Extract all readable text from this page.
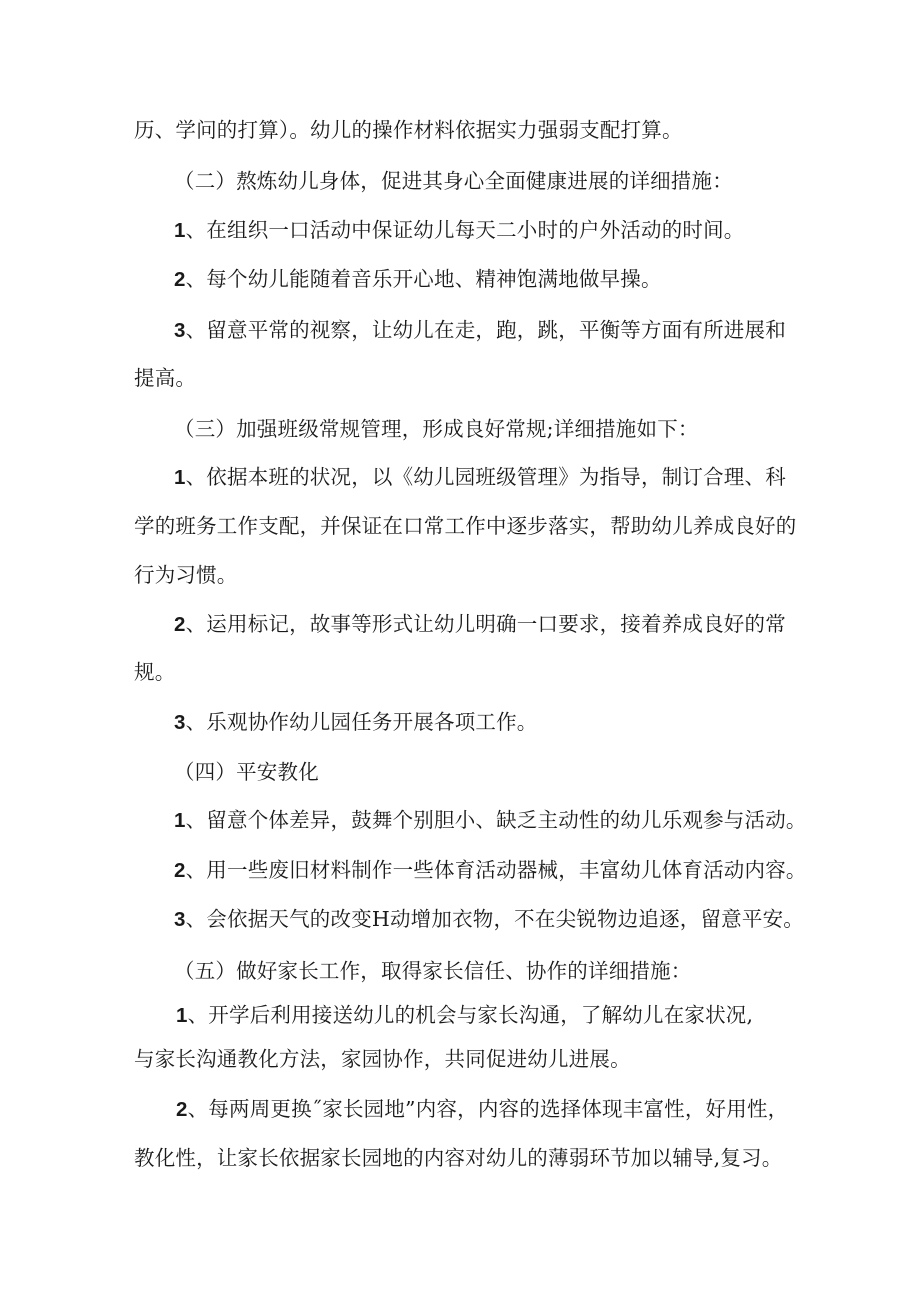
历、学问的打算）。幼儿的操作材料依据实力强弱支配打算。
（二）熬炼幼儿身体，促进其身心全面健康进展的详细措施：
1、在组织一口活动中保证幼儿每天二小时的户外活动的时间。
2、每个幼儿能随着音乐开心地、精神饱满地做早操。
3、留意平常的视察，让幼儿在走，跑，跳，平衡等方面有所进展和
提高。
（三）加强班级常规管理，形成良好常规;详细措施如下：
1、依据本班的状况，以《幼儿园班级管理》为指导，制订合理、科
学的班务工作支配，并保证在口常工作中逐步落实，帮助幼儿养成良好的
行为习惯。
2、运用标记，故事等形式让幼儿明确一口要求，接着养成良好的常
规。
3、乐观协作幼儿园任务开展各项工作。
（四）平安教化
1、留意个体差异，鼓舞个别胆小、缺乏主动性的幼儿乐观参与活动。
2、用一些废旧材料制作一些体育活动器械，丰富幼儿体育活动内容。
3、会依据天气的改变H动增加衣物，不在尖锐物边追逐，留意平安。
（五）做好家长工作，取得家长信任、协作的详细措施：
1、开学后利用接送幼儿的机会与家长沟通，了解幼儿在家状况,
与家长沟通教化方法，家园协作，共同促进幼儿进展。
2、每两周更换˝家长园地”内容，内容的选择体现丰富性，好用性，
教化性，让家长依据家长园地的内容对幼儿的薄弱环节加以辅导,复习。
